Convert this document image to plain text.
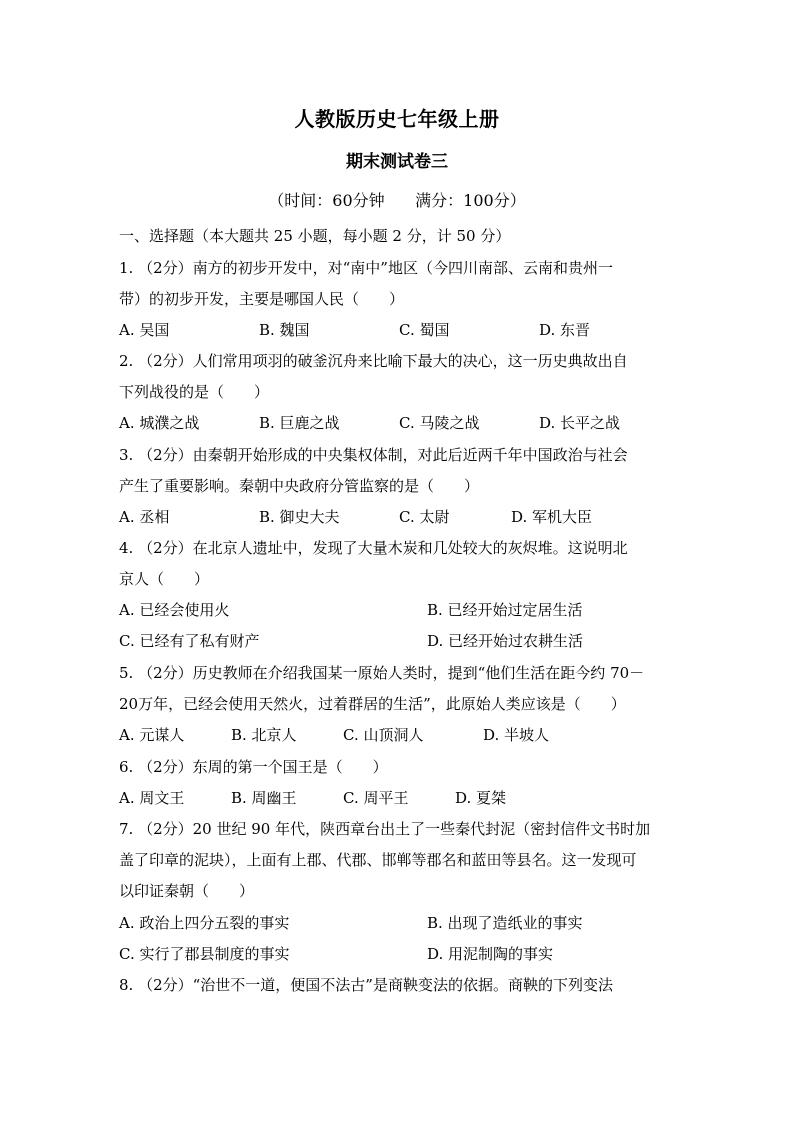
人教版历史七年级上册
期末测试卷三
（时间：60分钟      满分：100分）
一、选择题（本大题共 25 小题，每小题 2 分，计 50 分）
1. （2分）南方的初步开发中，对“南中”地区（今四川南部、云南和贵州一
带）的初步开发，主要是哪国人民（　　）
A. 吴国	B. 魏国	C. 蜀国	D. 东晋
2. （2分）人们常用项羽的破釜沉舟来比喻下最大的决心，这一历史典故出自
下列战役的是（　　）
A. 城濮之战	B. 巨鹿之战	C. 马陵之战	D. 长平之战
3. （2分）由秦朝开始形成的中央集权体制，对此后近两千年中国政治与社会
产生了重要影响。秦朝中央政府分管监察的是（　　）
A. 丞相	B. 御史大夫	C. 太尉	D. 军机大臣
4. （2分）在北京人遗址中，发现了大量木炭和几处较大的灰烬堆。这说明北
京人（　　）
A. 已经会使用火	B. 已经开始过定居生活
C. 已经有了私有财产	D. 已经开始过农耕生活
5. （2分）历史教师在介绍我国某一原始人类时，提到“他们生活在距今约 70－
20万年，已经会使用天然火，过着群居的生活”，此原始人类应该是（　　）
A. 元谋人	B. 北京人	C. 山顶洞人	D. 半坡人
6. （2分）东周的第一个国王是（　　）
A. 周文王	B. 周幽王	C. 周平王	D. 夏桀
7. （2分）20 世纪 90 年代，陕西章台出土了一些秦代封泥（密封信件文书时加
盖了印章的泥块），上面有上郡、代郡、邯郸等郡名和蓝田等县名。这一发现可
以印证秦朝（　　）
A. 政治上四分五裂的事实	B. 出现了造纸业的事实
C. 实行了郡县制度的事实	D. 用泥制陶的事实
8. （2分）“治世不一道，便国不法古”是商鞅变法的依据。商鞅的下列变法
